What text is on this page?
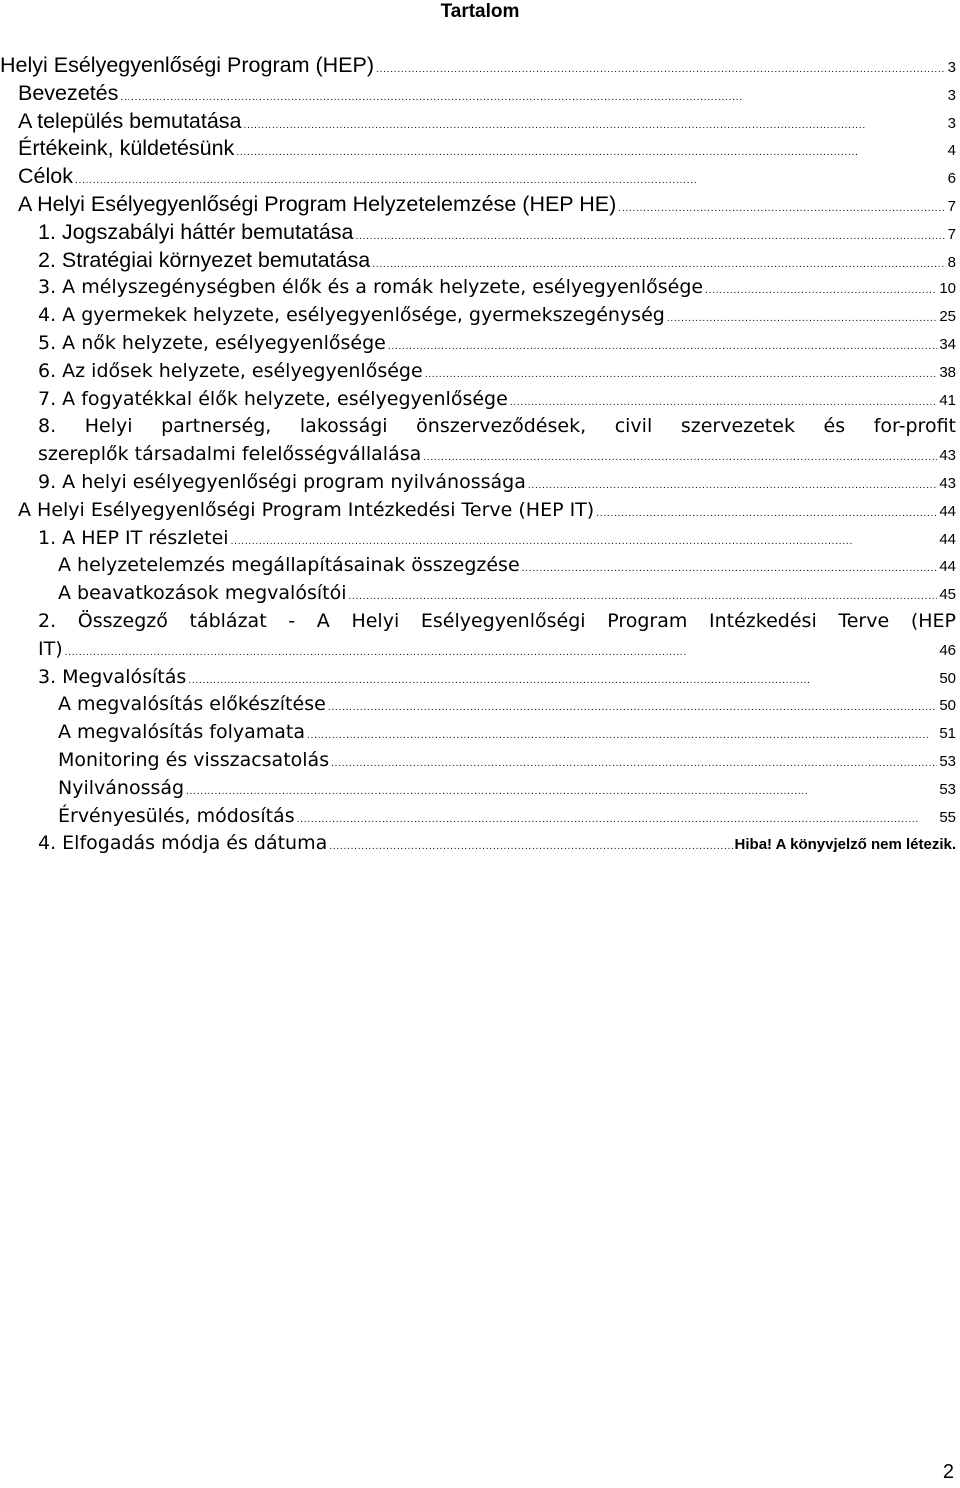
Tartalom
Helyi Esélyegyenlőségi Program (HEP) . . .	3
Bevezetés . . .	3
A település bemutatása . . .	3
Értékeink, küldetésünk . . .	4
Célok . . .	6
A Helyi Esélyegyenlőségi Program Helyzetelemzése (HEP HE) . . .	7
1. Jogszabályi háttér bemutatása . . .	7
2. Stratégiai környezet bemutatása . . .	8
3. A mélyszegénységben élők és a romák helyzete, esélyegyenlősége . . .	10
4. A gyermekek helyzete, esélyegyenlősége, gyermekszegénység . . .	25
5. A nők helyzete, esélyegyenlősége . . .	34
6. Az idősek helyzete, esélyegyenlősége . . .	38
7. A fogyatékkal élők helyzete, esélyegyenlősége . . .	41
8. Helyi partnerség, lakossági önszerveződések, civil szervezetek és for-profit
szereplők társadalmi felelősségvállalása . . .	43
9. A helyi esélyegyenlőségi program nyilvánossága . . .	43
A Helyi Esélyegyenlőségi Program Intézkedési Terve (HEP IT) . . .	44
1. A HEP IT részletei . . .	44
A helyzetelemzés megállapításainak összegzése . . .	44
A beavatkozások megvalósítói . . .	45
2. Összegző táblázat - A Helyi Esélyegyenlőségi Program Intézkedési Terve (HEP
IT) . . .	46
3. Megvalósítás . . .	50
A megvalósítás előkészítése . . .	50
A megvalósítás folyamata . . .	51
Monitoring és visszacsatolás . . .	53
Nyilvánosság . . .	53
Érvényesülés, módosítás . . .	55
4. Elfogadás módja és dátuma . . .	Hiba! A könyvjelző nem létezik.
2
